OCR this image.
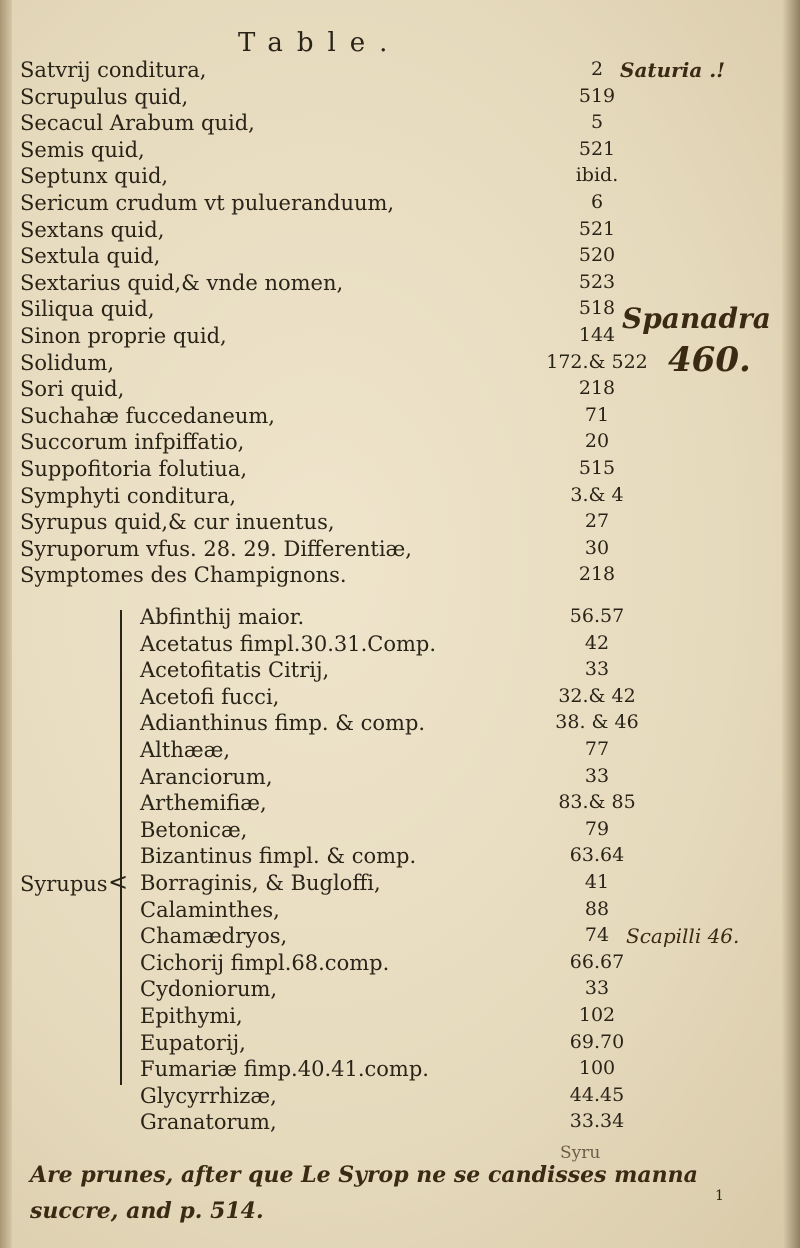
Table.
Satvrij conditura,	2
Scrupulus quid,	519
Secacul Arabum quid,	5
Semis quid,	521
Septunx quid,	ibid.
Sericum crudum vt pulueranduum,	6
Sextans quid,	521
Sextula quid,	520
Sextarius quid,& vnde nomen,	523
Siliqua quid,	518
Sinon proprie quid,	144
Solidum,	172.& 522
Sori quid,	218
Suchahæ fuccedaneum,	71
Succorum infpiffatio,	20
Suppofitoria folutiua,	515
Symphyti conditura,	3.& 4
Syrupus quid,& cur inuentus,	27
Syruporum vfus. 28. 29. Differentiæ,	30
Symptomes des Champignons.	218
Syrupus <
Abfinthij maior.	56.57
Acetatus fimpl.30.31.Comp.	42
Acetofitatis Citrij,	33
Acetofi fucci,	32.& 42
Adianthinus fimp. & comp.	38. & 46
Althææ,	77
Aranciorum,	33
Arthemifiæ,	83.& 85
Betonicæ,	79
Bizantinus fimpl. & comp.	63.64
Borraginis, & Bugloffi,	41
Calaminthes,	88
Chamædryos,	74
Cichorij fimpl.68.comp.	66.67
Cydoniorum,	33
Epithymi,	102
Eupatorij,	69.70
Fumariæ fimp.40.41.comp.	100
Glycyrrhizæ,	44.45
Granatorum,	33.34
Syru
1
Saturia .!
Spanadra
460.
Scapilli 46.
Are prunes, after que Le Syrop ne se candisses manna
succre, and p. 514.
